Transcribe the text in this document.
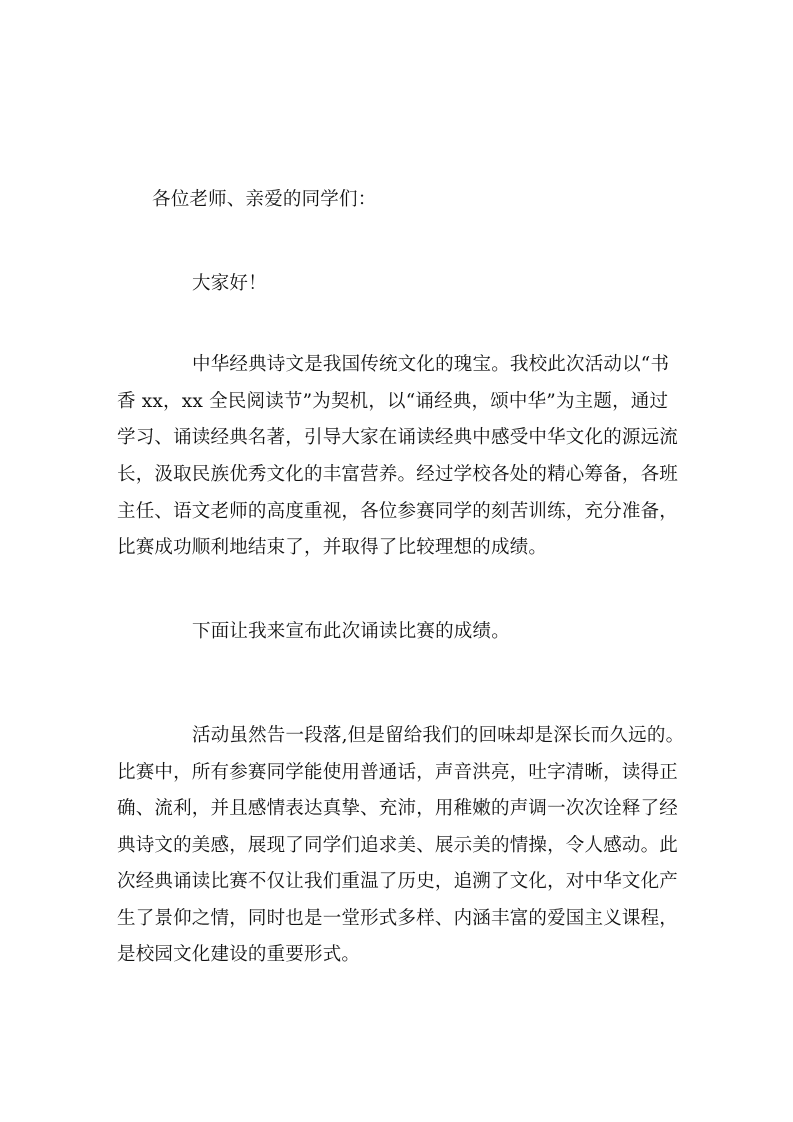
各位老师、亲爱的同学们：
大家好！
中华经典诗文是我国传统文化的瑰宝。我校此次活动以“书
香 xx，xx 全民阅读节”为契机，以“诵经典，颂中华”为主题，通过
学习、诵读经典名著，引导大家在诵读经典中感受中华文化的源远流
长，汲取民族优秀文化的丰富营养。经过学校各处的精心筹备，各班
主任、语文老师的高度重视，各位参赛同学的刻苦训练，充分准备，
比赛成功顺利地结束了，并取得了比较理想的成绩。
下面让我来宣布此次诵读比赛的成绩。
活动虽然告一段落,但是留给我们的回味却是深长而久远的。
比赛中，所有参赛同学能使用普通话，声音洪亮，吐字清晰，读得正
确、流利，并且感情表达真挚、充沛，用稚嫩的声调一次次诠释了经
典诗文的美感，展现了同学们追求美、展示美的情操，令人感动。此
次经典诵读比赛不仅让我们重温了历史，追溯了文化，对中华文化产
生了景仰之情，同时也是一堂形式多样、内涵丰富的爱国主义课程，
是校园文化建设的重要形式。
